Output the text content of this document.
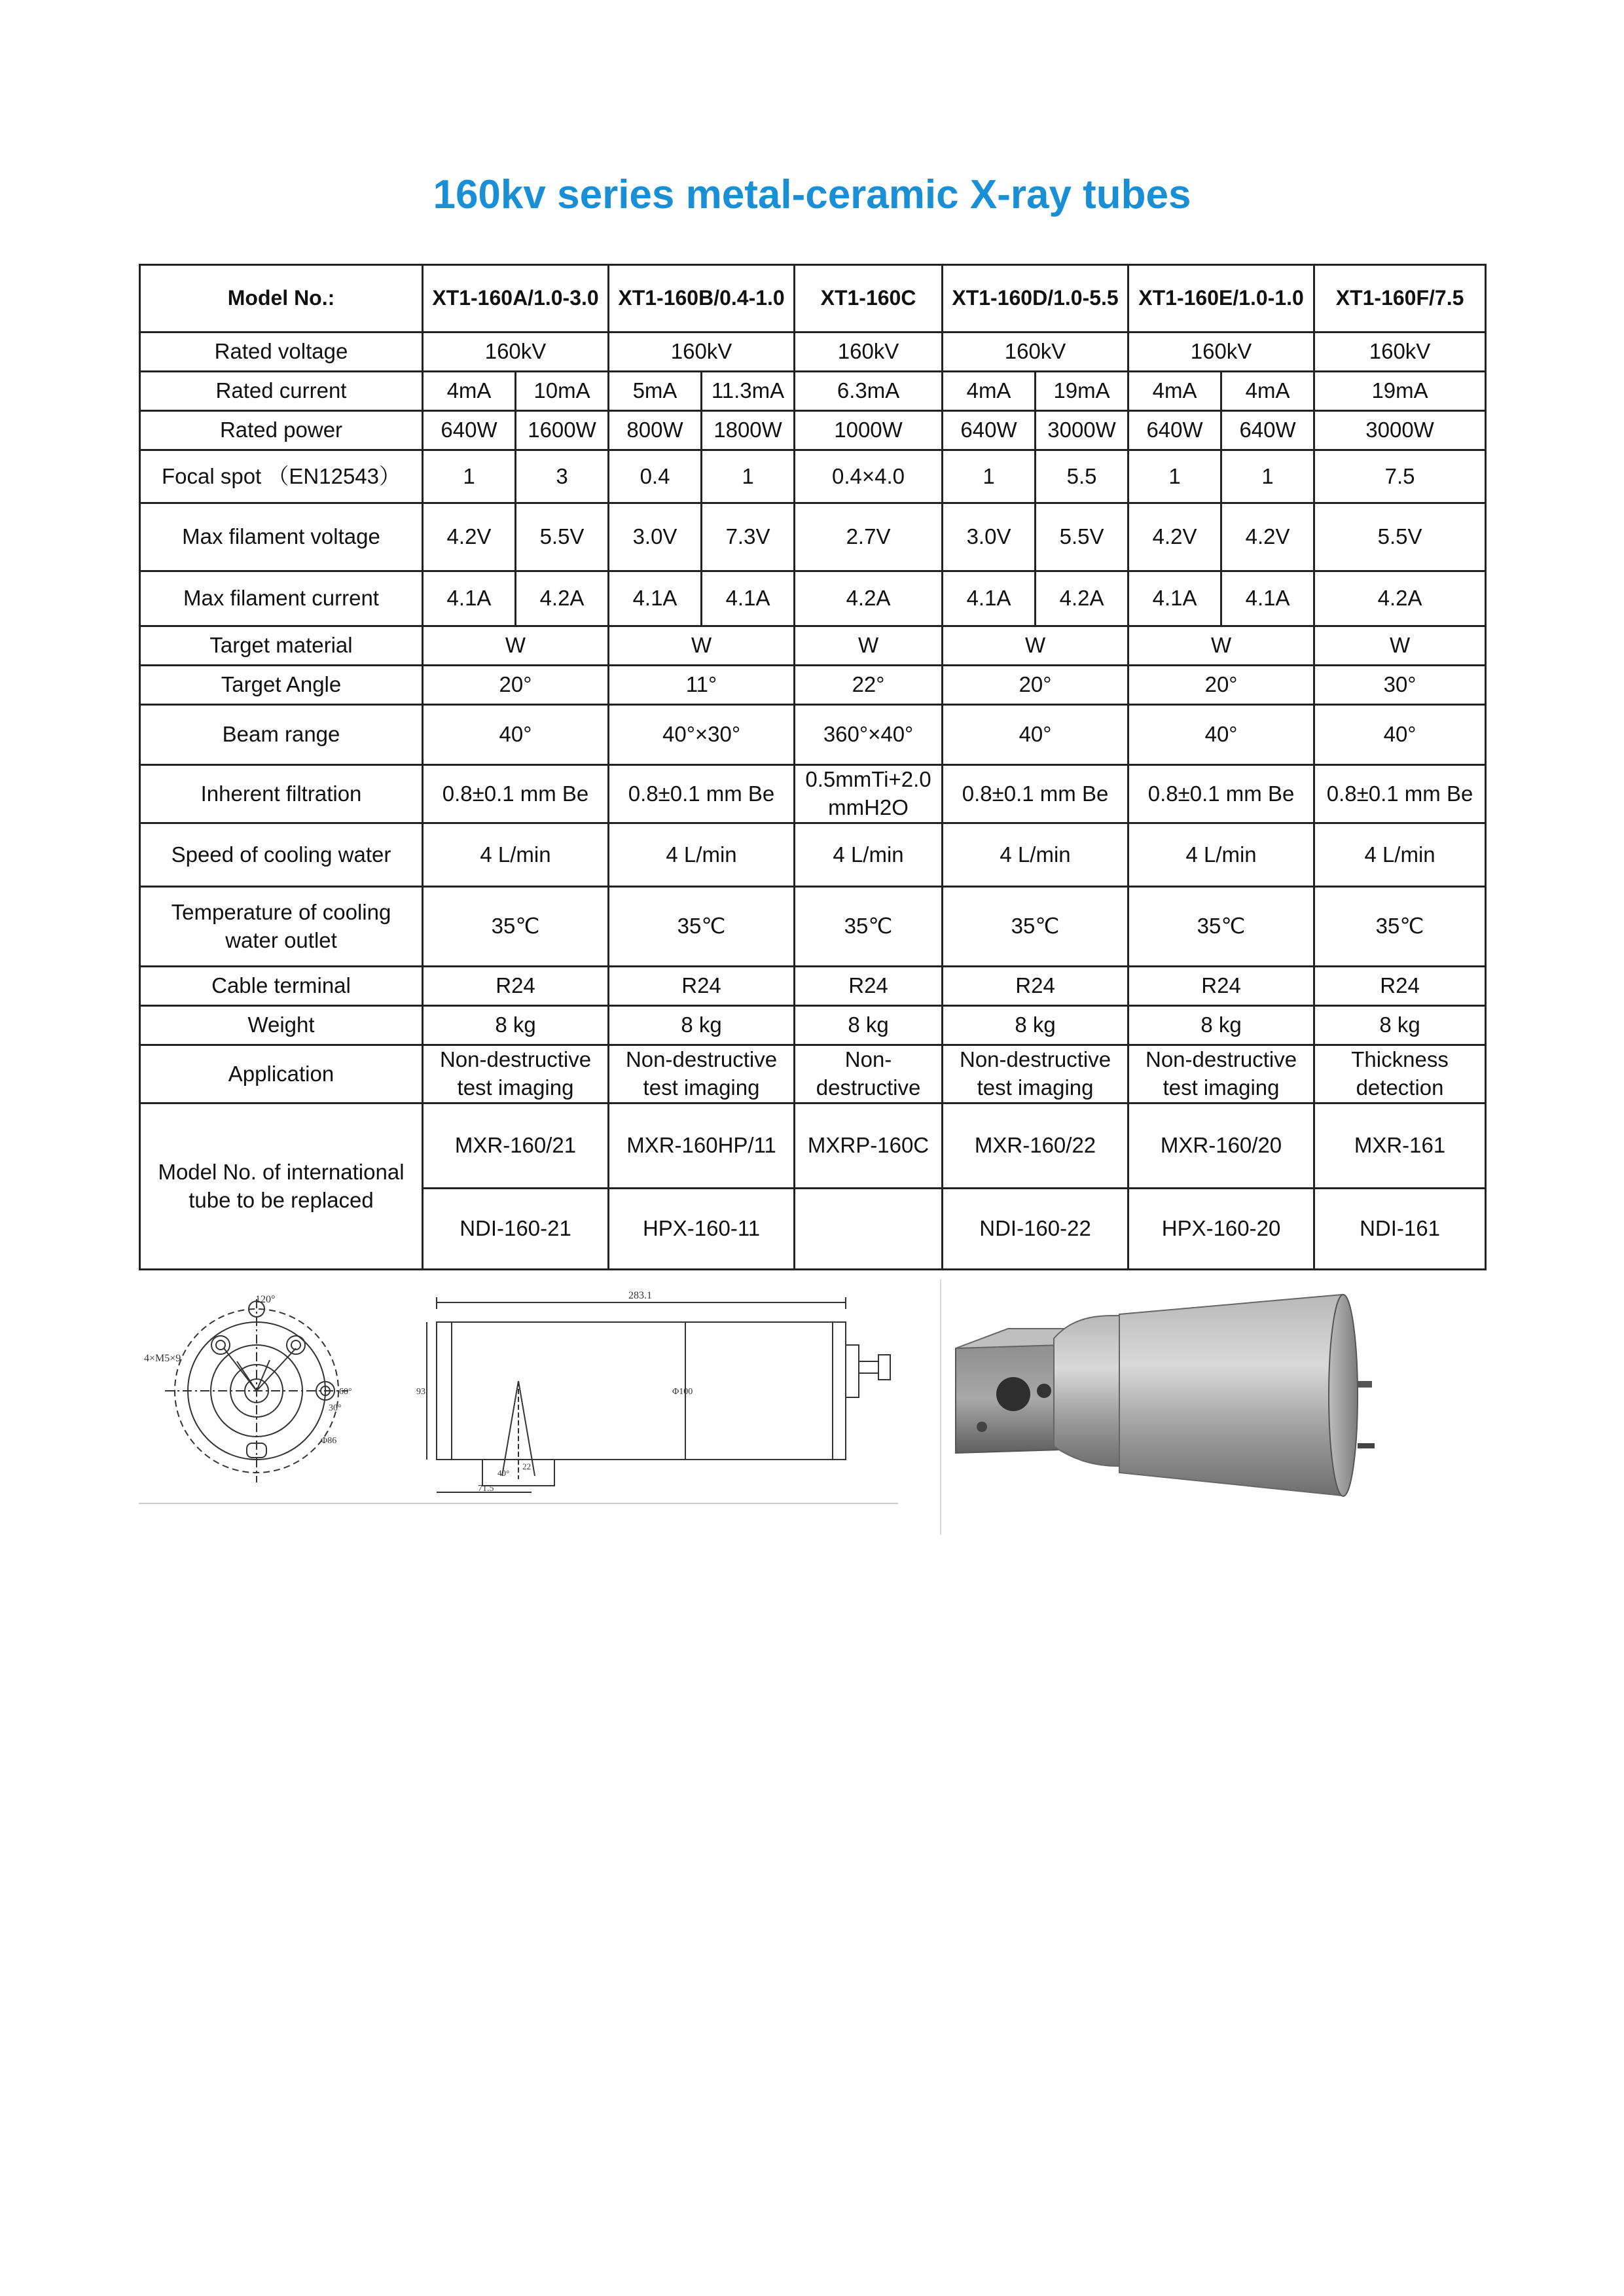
160kv series metal-ceramic X-ray tubes
Model No.:	XT1-160A/1.0-3.0		XT1-160B/0.4-1.0		XT1-160C	XT1-160D/1.0-5.5		XT1-160E/1.0-1.0		XT1-160F/7.5
Rated voltage	160kV		160kV		160kV	160kV		160kV		160kV
Rated current	4mA	10mA	5mA	11.3mA	6.3mA	4mA	19mA	4mA	4mA	19mA
Rated power	640W	1600W	800W	1800W	1000W	640W	3000W	640W	640W	3000W
Focal spot （EN12543）	1	3	0.4	1	0.4×4.0	1	5.5	1	1	7.5
Max filament voltage	4.2V	5.5V	3.0V	7.3V	2.7V	3.0V	5.5V	4.2V	4.2V	5.5V
Max filament current	4.1A	4.2A	4.1A	4.1A	4.2A	4.1A	4.2A	4.1A	4.1A	4.2A
Target material	W		W		W	W		W		W
Target Angle	20°		11°		22°	20°		20°		30°
Beam range	40°		40°×30°		360°×40°	40°		40°		40°
Inherent filtration	0.8±0.1 mm Be		0.8±0.1 mm Be		0.5mmTi+2.0 mmH2O	0.8±0.1 mm Be		0.8±0.1 mm Be		0.8±0.1 mm Be
Speed of cooling water	4 L/min		4 L/min		4 L/min	4 L/min		4 L/min		4 L/min
Temperature of cooling water outlet	35℃		35℃		35℃	35℃		35℃		35℃
Cable terminal	R24		R24		R24	R24		R24		R24
Weight	8 kg		8 kg		8 kg	8 kg		8 kg		8 kg
Application	Non-destructive test imaging		Non-destructive test imaging		Non-destructive	Non-destructive test imaging		Non-destructive test imaging		Thickness detection
Model No. of international tube to be replaced	MXR-160/21		MXR-160HP/11		MXRP-160C	MXR-160/22		MXR-160/20		MXR-161
	NDI-160-21		HPX-160-11			NDI-160-22		HPX-160-20		NDI-161
120°
4×M5×9
60°
30°
Φ86
283.1
93	Φ100
40°
22
71.5
